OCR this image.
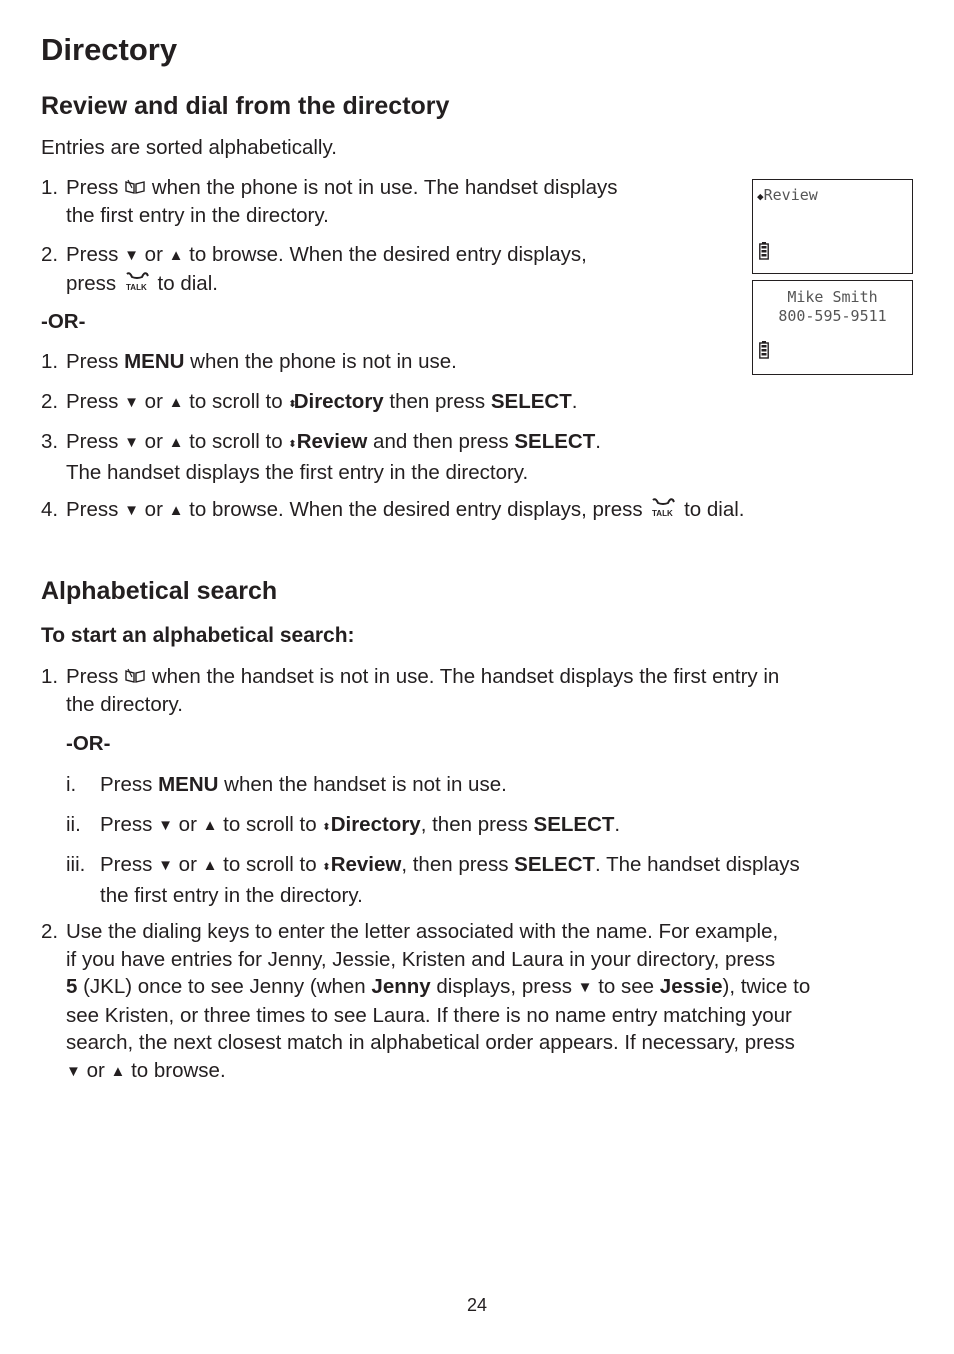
Directory
Review and dial from the directory

Entries are sorted alphabetically.

1. Press when the phone is not in use. The handset displays
the first entry in the directory.
2. Press ▼ or ▲ to browse. When the desired entry displays,
press TALK to dial.

-OR-

1. Press MENU when the phone is not in use.
2. Press ▼ or ▲ to scroll to ⬍Directory then press SELECT.
3. Press ▼ or ▲ to scroll to ⬍Review and then press SELECT.
The handset displays the first entry in the directory.
4. Press ▼ or ▲ to browse. When the desired entry displays, press TALK to dial.
◆Review
Mike Smith
800-595-9511
Alphabetical search
To start an alphabetical search:
1. Press when the handset is not in use. The handset displays the first entry in
the directory.

-OR-

i. Press MENU when the handset is not in use.
ii. Press ▼ or ▲ to scroll to ⬍Directory, then press SELECT.
iii. Press ▼ or ▲ to scroll to ⬍Review, then press SELECT. The handset displays
the first entry in the directory.
2. Use the dialing keys to enter the letter associated with the name. For example,
if you have entries for Jenny, Jessie, Kristen and Laura in your directory, press
5 (JKL) once to see Jenny (when Jenny displays, press ▼ to see Jessie), twice to
see Kristen, or three times to see Laura. If there is no name entry matching your
search, the next closest match in alphabetical order appears. If necessary, press
▼ or ▲ to browse.
24
